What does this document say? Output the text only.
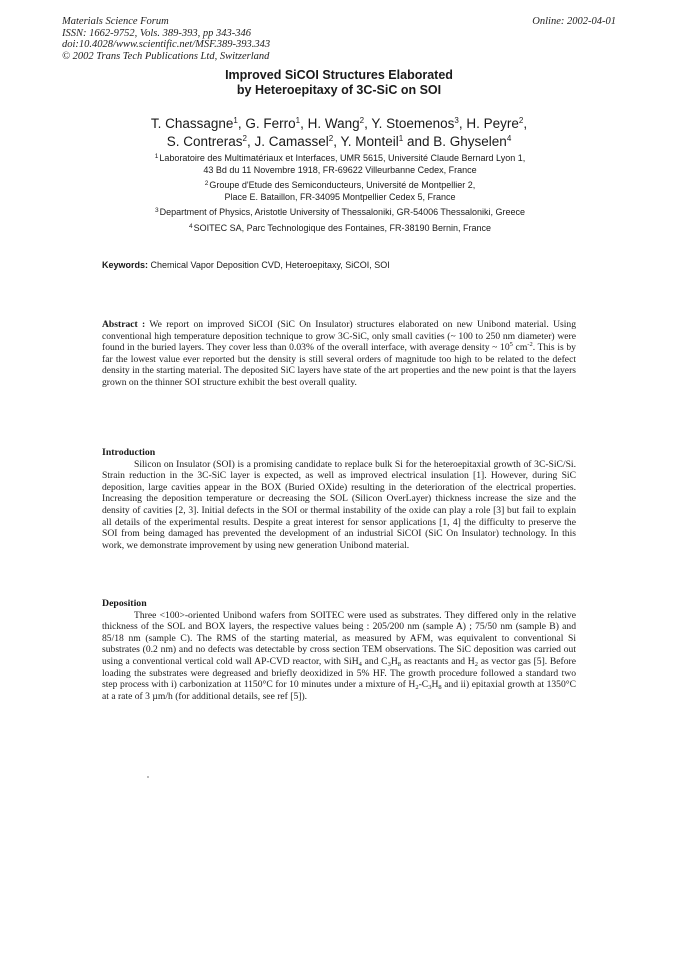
Materials Science Forum
ISSN: 1662-9752, Vols. 389-393, pp 343-346
doi:10.4028/www.scientific.net/MSF.389-393.343
© 2002 Trans Tech Publications Ltd, Switzerland
Online: 2002-04-01
Improved SiCOI Structures Elaborated
by Heteroepitaxy of 3C-SiC on SOI
T. Chassagne$^1$, G. Ferro$^1$, H. Wang$^2$, Y. Stoemenos$^3$, H. Peyre$^2$,
S. Contreras$^2$, J. Camassel$^2$, Y. Monteil$^1$ and B. Ghyselen$^4$
$^1$Laboratoire des Multimatériaux et Interfaces, UMR 5615, Université Claude Bernard Lyon 1,
43 Bd du 11 Novembre 1918, FR-69622 Villeurbanne Cedex, France
$^2$Groupe d'Etude des Semiconducteurs, Université de Montpellier 2,
Place E. Bataillon, FR-34095 Montpellier Cedex 5, France
$^3$Department of Physics, Aristotle University of Thessaloniki, GR-54006 Thessaloniki, Greece
$^4$SOITEC SA, Parc Technologique des Fontaines, FR-38190 Bernin, France
Keywords: Chemical Vapor Deposition CVD, Heteroepitaxy, SiCOI, SOI
Abstract : We report on improved SiCOI (SiC On Insulator) structures elaborated on new Unibond material. Using conventional high temperature deposition technique to grow 3C-SiC, only small cavities (~ 100 to 250 nm diameter) were found in the buried layers. They cover less than 0.03% of the overall interface, with average density ~ $10^5$ $cm^{-2}$. This is by far the lowest value ever reported but the density is still several orders of magnitude too high to be related to the defect density in the starting material. The deposited SiC layers have state of the art properties and the new point is that the layers grown on the thinner SOI structure exhibit the best overall quality.
Introduction
Silicon on Insulator (SOI) is a promising candidate to replace bulk Si for the heteroepitaxial growth of 3C-SiC/Si. Strain reduction in the 3C-SiC layer is expected, as well as improved electrical insulation [1]. However, during SiC deposition, large cavities appear in the BOX (Buried OXide) resulting in the deterioration of the electrical properties. Increasing the deposition temperature or decreasing the SOL (Silicon OverLayer) thickness increase the size and the density of cavities [2, 3]. Initial defects in the SOI or thermal instability of the oxide can play a role [3] but fail to explain all details of the experimental results. Despite a great interest for sensor applications [1, 4] the difficulty to preserve the SOI from being damaged has prevented the development of an industrial SiCOI (SiC On Insulator) technology. In this work, we demonstrate improvement by using new generation Unibond material.
Deposition
Three <100>-oriented Unibond wafers from SOITEC were used as substrates. They differed only in the relative thickness of the SOL and BOX layers, the respective values being : 205/200 nm (sample A) ; 75/50 nm (sample B) and 85/18 nm (sample C). The RMS of the starting material, as measured by AFM, was equivalent to conventional Si substrates (0.2 nm) and no defects was detectable by cross section TEM observations. The SiC deposition was carried out using a conventional vertical cold wall AP-CVD reactor, with SiH$_4$ and $C_3H_8$ as reactants and $H_2$ as vector gas [5]. Before loading the substrates were degreased and briefly deoxidized in 5% HF. The growth procedure followed a standard two step process with i) carbonization at 1150°C for 10 minutes under a mixture of $H_2-C_3H_8$ and ii) epitaxial growth at 1350°C at a rate of 3 µm/h (for additional details, see ref [5]).
